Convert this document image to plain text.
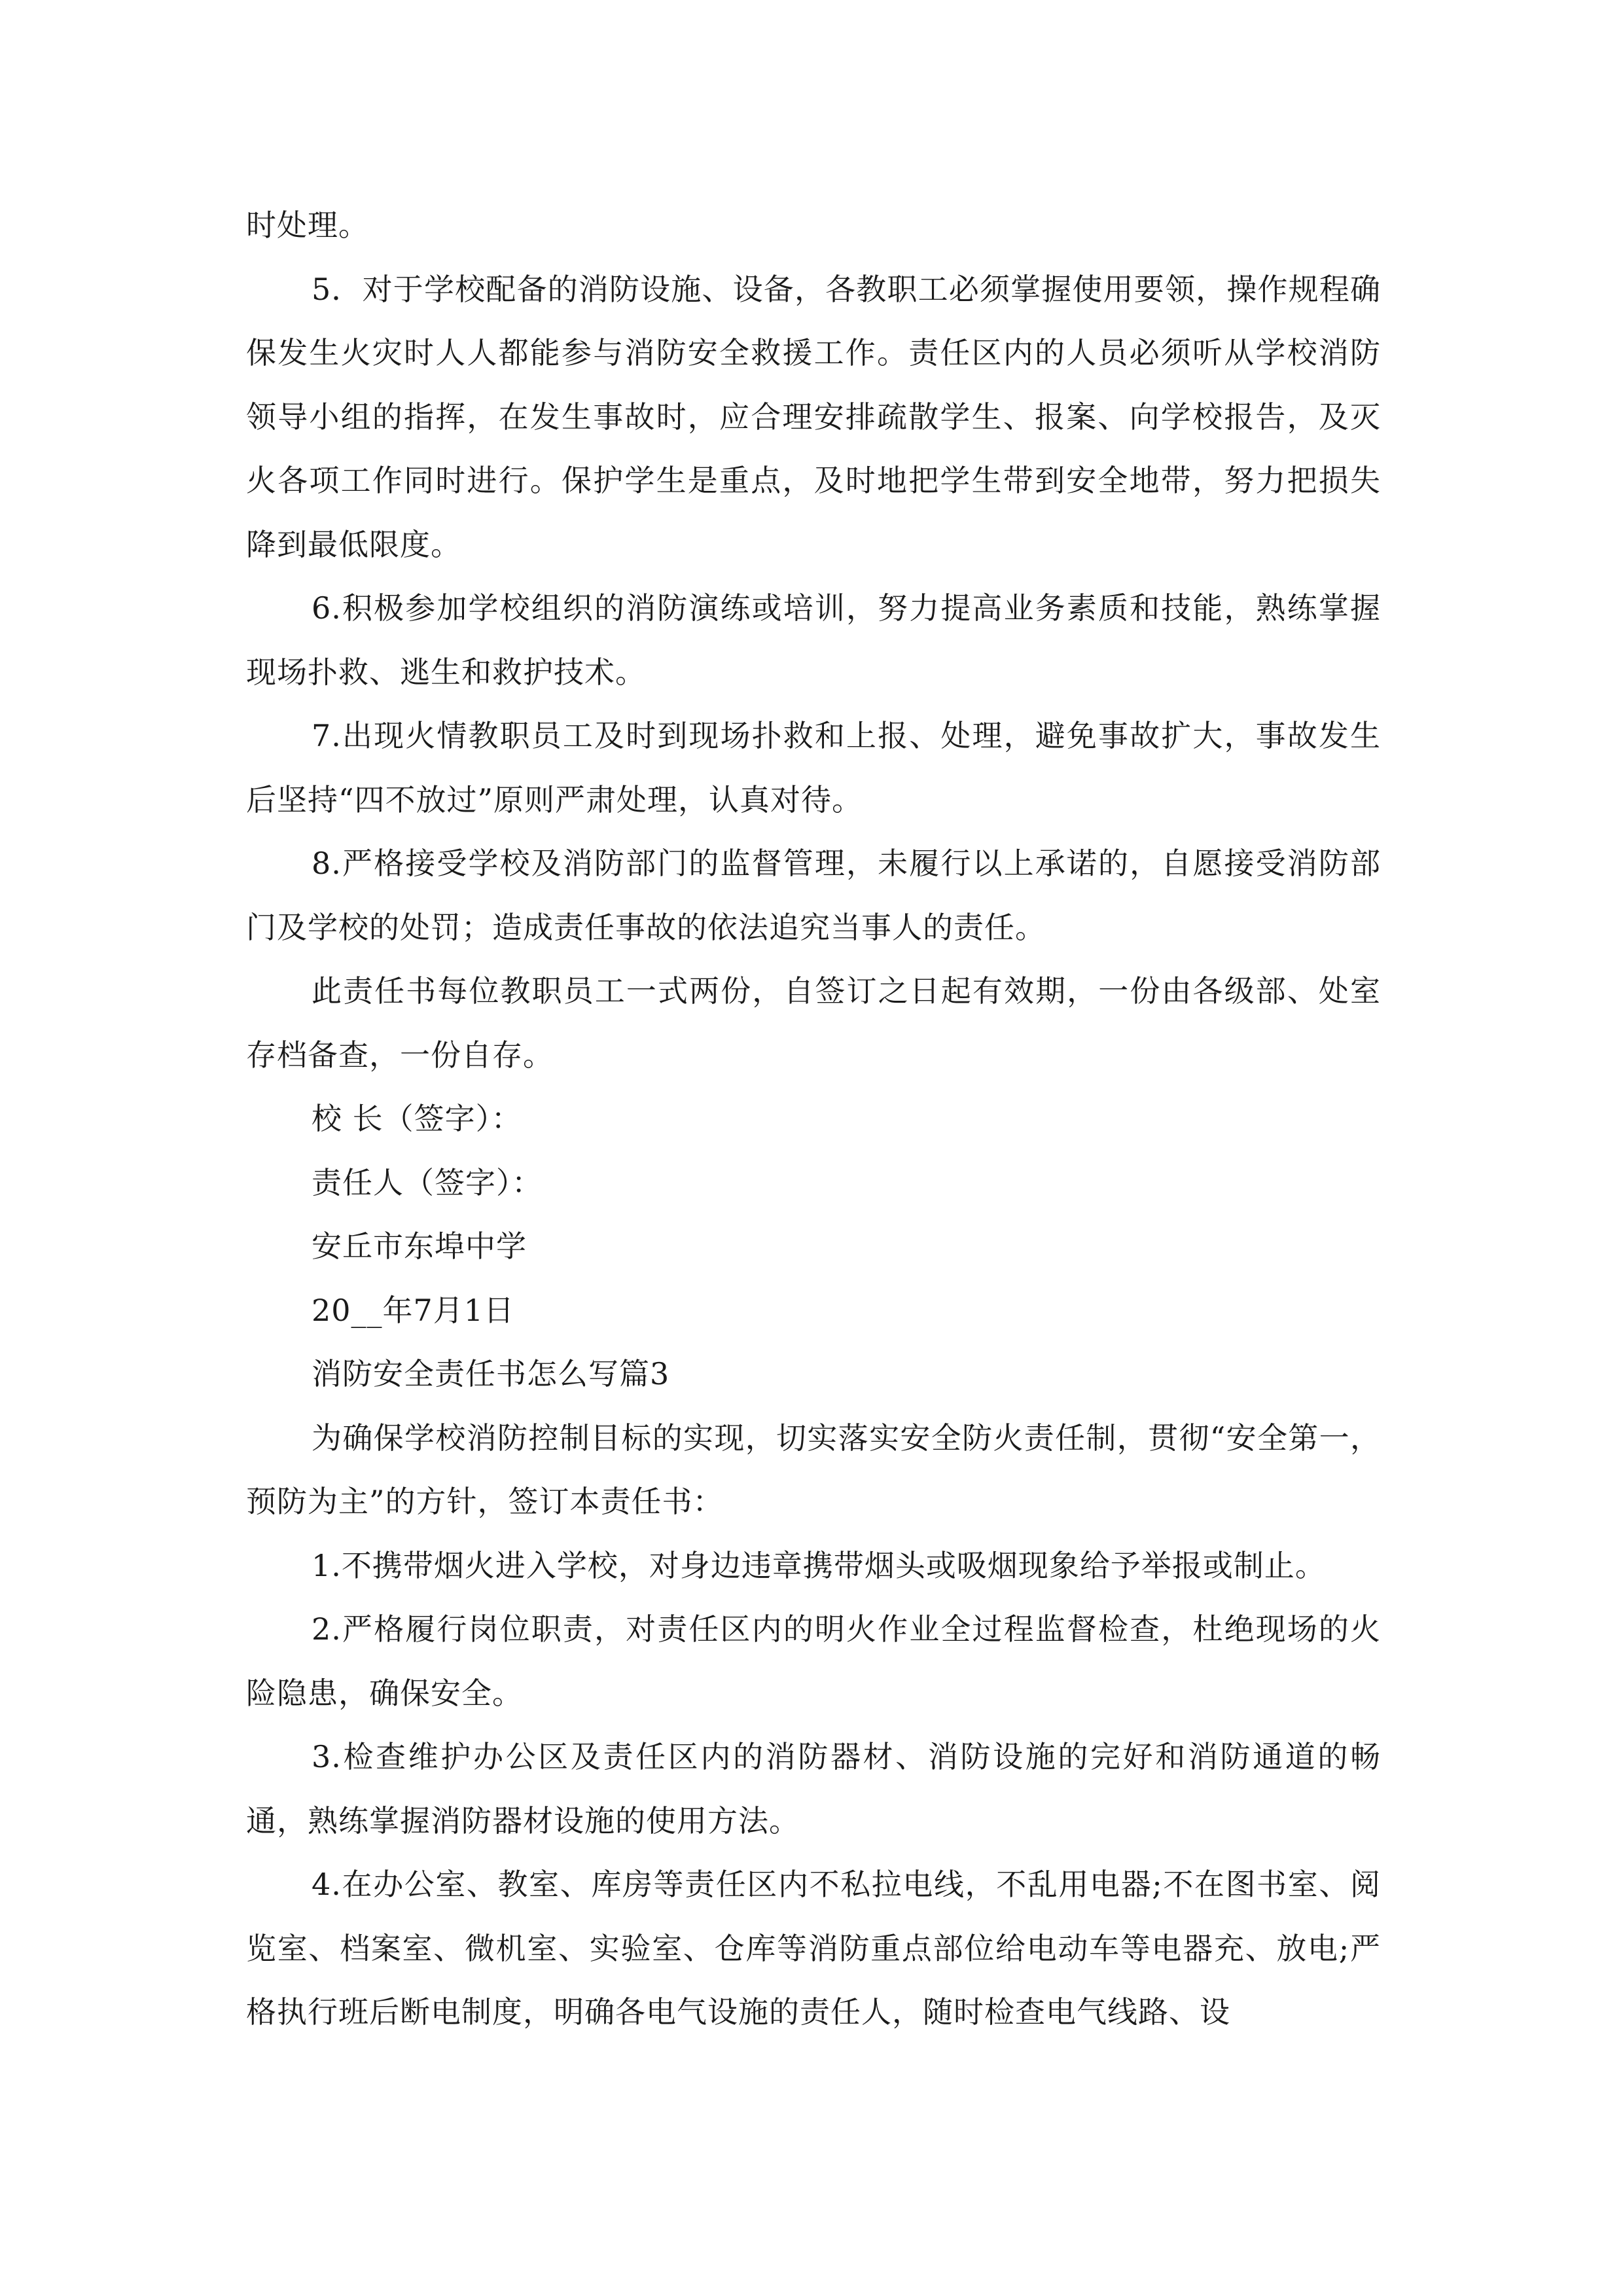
时处理。

5．对于学校配备的消防设施、设备，各教职工必须掌握使用要领，操作规程确保发生火灾时人人都能参与消防安全救援工作。责任区内的人员必须听从学校消防领导小组的指挥，在发生事故时，应合理安排疏散学生、报案、向学校报告，及灭火各项工作同时进行。保护学生是重点，及时地把学生带到安全地带，努力把损失降到最低限度。

6.积极参加学校组织的消防演练或培训，努力提高业务素质和技能，熟练掌握现场扑救、逃生和救护技术。

7.出现火情教职员工及时到现场扑救和上报、处理，避免事故扩大，事故发生后坚持“四不放过”原则严肃处理，认真对待。

8.严格接受学校及消防部门的监督管理，未履行以上承诺的，自愿接受消防部门及学校的处罚；造成责任事故的依法追究当事人的责任。

此责任书每位教职员工一式两份，自签订之日起有效期，一份由各级部、处室存档备查，一份自存。

校 长（签字）：

责任人（签字）：

安丘市东埠中学

20__年7月1日

消防安全责任书怎么写篇3

为确保学校消防控制目标的实现，切实落实安全防火责任制，贯彻“安全第一，预防为主”的方针，签订本责任书：

1.不携带烟火进入学校，对身边违章携带烟头或吸烟现象给予举报或制止。

2.严格履行岗位职责，对责任区内的明火作业全过程监督检查，杜绝现场的火险隐患，确保安全。

3.检查维护办公区及责任区内的消防器材、消防设施的完好和消防通道的畅通，熟练掌握消防器材设施的使用方法。

4.在办公室、教室、库房等责任区内不私拉电线，不乱用电器;不在图书室、阅览室、档案室、微机室、实验室、仓库等消防重点部位给电动车等电器充、放电;严格执行班后断电制度，明确各电气设施的责任人，随时检查电气线路、设
